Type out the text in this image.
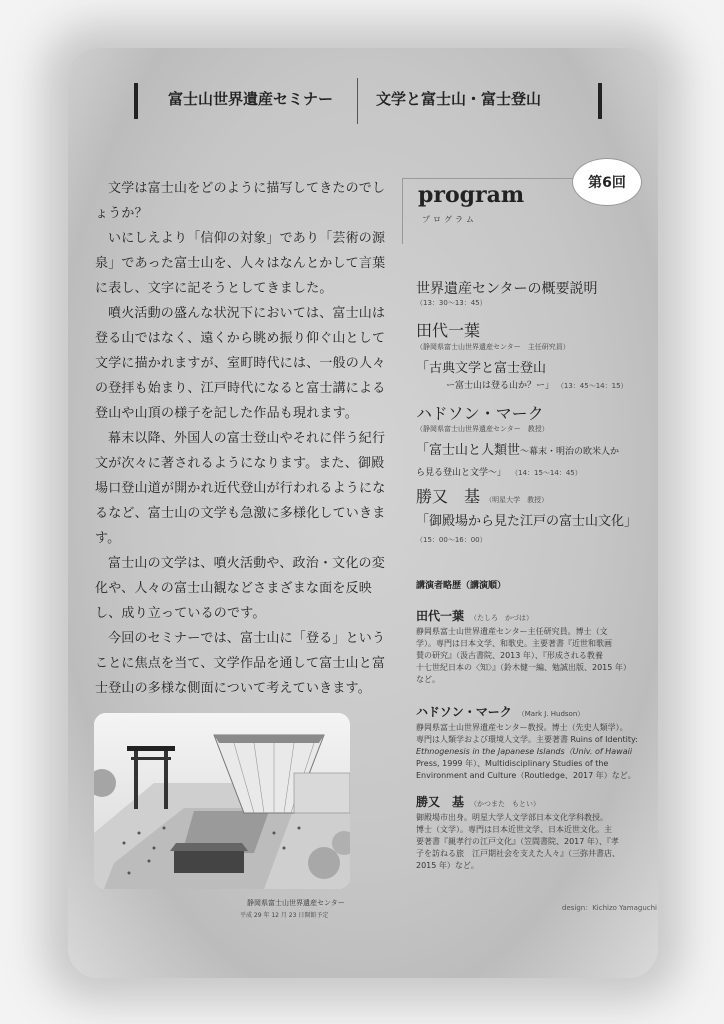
富士山世界遺産セミナー	文学と富士山・富士登山

文学は富士山をどのように描写してきたのでしょうか？

いにしえより「信仰の対象」であり「芸術の源泉」であった富士山を、人々はなんとかして言葉に表し、文字に記そうとしてきました。

噴火活動の盛んな状況下においては、富士山は登る山ではなく、遠くから眺め振り仰ぐ山として文学に描かれますが、室町時代には、一般の人々の登拝も始まり、江戸時代になると富士講による登山や山頂の様子を記した作品も現れます。

幕末以降、外国人の富士登山やそれに伴う紀行文が次々に著されるようになります。また、御殿場口登山道が開かれ近代登山が行われるようになるなど、富士山の文学も急激に多様化していきます。

富士山の文学は、噴火活動や、政治・文化の変化や、人々の富士山観などさまざまな面を反映し、成り立っているのです。

今回のセミナーでは、富士山に「登る」ということに焦点を当て、文学作品を通して富士山と富士登山の多様な側面について考えていきます。

program
プログラム
第6回
世界遺産センターの概要説明
（13：30〜13：45）
田代一葉
（静岡県富士山世界遺産センター　主任研究員）
「古典文学と富士登山
ー富士山は登る山か？ー」 （13：45〜14：15）
ハドソン・マーク
（静岡県富士山世界遺産センター　教授）
「富士山と人類世〜幕末・明治の欧米人か
ら見る登山と文学〜」 （14：15〜14：45）
勝又　基 （明星大学　教授）
「御殿場から見た江戸の富士山文化」
（15：00〜16：00）
講演者略歴（講演順）
田代一葉 （たしろ　かづは）
静岡県富士山世界遺産センター主任研究員。博士（文
学）。専門は日本文学、和歌史。主要著書『近世和歌画
賛の研究』（汲古書院、2013 年）、『形成される教養
十七世紀日本の〈知〉』（鈴木健一編、勉誠出版、2015 年）
など。
ハドソン・マーク （Mark J. Hudson）
静岡県富士山世界遺産センター教授。博士（先史人類学）。
専門は人類学および環境人文学。主要著書 Ruins of Identity:
Ethnogenesis in the Japanese Islands（Univ. of Hawaii
Press, 1999 年）、Multidisciplinary Studies of the
Environment and Culture（Routledge、2017 年）など。
勝又　基 （かつまた　もとい）
御殿場市出身。明星大学人文学部日本文化学科教授。
博士（文学）。専門は日本近世文学、日本近世文化。主
要著書『親孝行の江戸文化』（笠間書院、2017 年）、『孝
子を訪ねる旅　江戸期社会を支えた人々』（三弥井書店、
2015 年）など。
design：Kichizo Yamaguchi
静岡県富士山世界遺産センター
平成 29 年 12 月 23 日開館予定
